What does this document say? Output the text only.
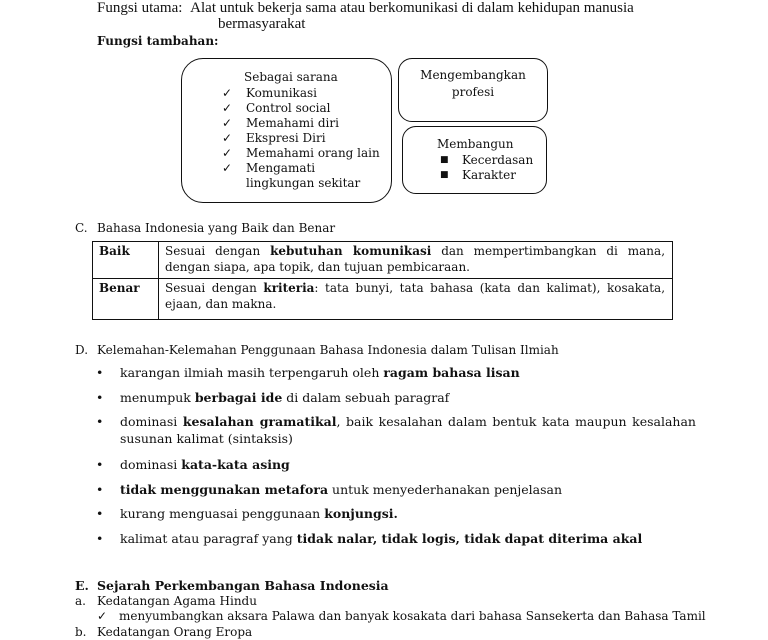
Fungsi utama: Alat untuk bekerja sama atau berkomunikasi di dalam kehidupan manusia
bermasyarakat
Fungsi tambahan:
Sebagai sarana
✓	Komunikasi
✓	Control social
✓	Memahami diri
✓	Ekspresi Diri
✓	Memahami orang lain
✓	Mengamati
lingkungan sekitar
Mengembangkan
profesi
Membangun
■	Kecerdasan
■	Karakter
C. Bahasa Indonesia yang Baik dan Benar
Baik	Sesuai dengan kebutuhan komunikasi dan mempertimbangkan di mana, dengan siapa, apa topik, dan tujuan pembicaraan.
Benar	Sesuai dengan kriteria: tata bunyi, tata bahasa (kata dan kalimat), kosakata, ejaan, dan makna.
D. Kelemahan-Kelemahan Penggunaan Bahasa Indonesia dalam Tulisan Ilmiah
•	karangan ilmiah masih terpengaruh oleh ragam bahasa lisan
•	menumpuk berbagai ide di dalam sebuah paragraf
•	dominasi kesalahan gramatikal, baik kesalahan dalam bentuk kata maupun kesalahan susunan kalimat (sintaksis)
•	dominasi kata-kata asing
•	tidak menggunakan metafora untuk menyederhanakan penjelasan
•	kurang menguasai penggunaan konjungsi.
•	kalimat atau paragraf yang tidak nalar, tidak logis, tidak dapat diterima akal
E. Sejarah Perkembangan Bahasa Indonesia
a. Kedatangan Agama Hindu
✓ menyumbangkan aksara Palawa dan banyak kosakata dari bahasa Sansekerta dan Bahasa Tamil
b. Kedatangan Orang Eropa
